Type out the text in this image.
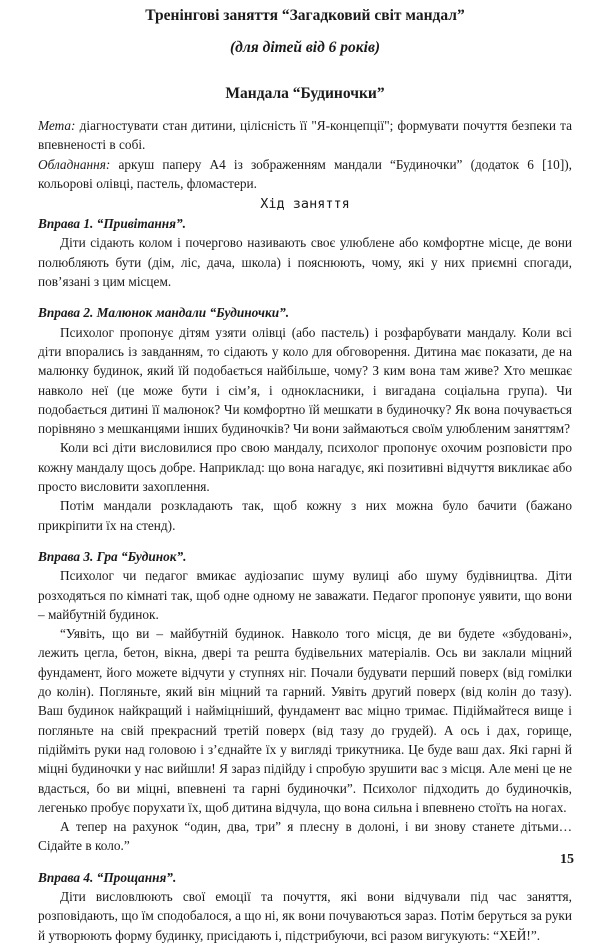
Тренінгові заняття “Загадковий світ мандал”
(для дітей від 6 років)
Мандала “Будиночки”

Мета: діагностувати стан дитини, цілісність її "Я-концепції"; формувати почуття безпеки та впевненості в собі.

Обладнання: аркуш паперу А4 із зображенням мандали “Будиночки” (додаток 6 [10]), кольорові олівці, пастель, фломастери.

Хід заняття

Вправа 1. “Привітання”.

Діти сідають колом і почергово називають своє улюблене або комфортне місце, де вони полюбляють бути (дім, ліс, дача, школа) і пояснюють, чому, які у них приємні спогади, пов’язані з цим місцем.

Вправа 2. Малюнок мандали “Будиночки”.

Психолог пропонує дітям узяти олівці (або пастель) і розфарбувати мандалу. Коли всі діти впорались із завданням, то сідають у коло для обговорення. Дитина має показати, де на малюнку будинок, який їй подобається найбільше, чому? З ким вона там живе? Хто мешкає навколо неї (це може бути і сім’я, і однокласники, і вигадана соціальна група). Чи подобається дитині її малюнок? Чи комфортно їй мешкати в будиночку? Як вона почувається порівняно з мешканцями інших будиночків? Чи вони займаються своїм улюбленим заняттям?

Коли всі діти висловилися про свою мандалу, психолог пропонує охочим розповісти про кожну мандалу щось добре. Наприклад: що вона нагадує, які позитивні відчуття викликає або просто висловити захоплення.

Потім мандали розкладають так, щоб кожну з них можна було бачити (бажано прикріпити їх на стенд).

Вправа 3. Гра “Будинок”.

Психолог чи педагог вмикає аудіозапис шуму вулиці або шуму будівництва. Діти розходяться по кімнаті так, щоб одне одному не заважати. Педагог пропонує уявити, що вони – майбутній будинок.

“Уявіть, що ви – майбутній будинок. Навколо того місця, де ви будете «збудовані», лежить цегла, бетон, вікна, двері та решта будівельних матеріалів. Ось ви заклали міцний фундамент, його можете відчути у ступнях ніг. Почали будувати перший поверх (від гомілки до колін). Погляньте, який він міцний та гарний. Уявіть другий поверх (від колін до тазу). Ваш будинок найкращий і найміцніший, фундамент вас міцно тримає. Підіймайтеся вище і погляньте на свій прекрасний третій поверх (від тазу до грудей). А ось і дах, горище, підійміть руки над головою і з’єднайте їх у вигляді трикутника. Це буде ваш дах. Які гарні й міцні будиночки у нас вийшли! Я зараз підійду і спробую зрушити вас з місця. Але мені це не вдасться, бо ви міцні, впевнені та гарні будиночки”. Психолог підходить до будиночків, легенько пробує порухати їх, щоб дитина відчула, що вона сильна і впевнено стоїть на ногах.

А тепер на рахунок “один, два, три” я плесну в долоні, і ви знову станете дітьми… Сідайте в коло.”

Вправа 4. “Прощання”.

Діти висловлюють свої емоції та почуття, які вони відчували під час заняття, розповідають, що їм сподобалося, а що ні, як вони почуваються зараз. Потім беруться за руки й утворюють форму будинку, присідають і, підстрибуючи, всі разом вигукують: “ХЕЙ!”.

15
